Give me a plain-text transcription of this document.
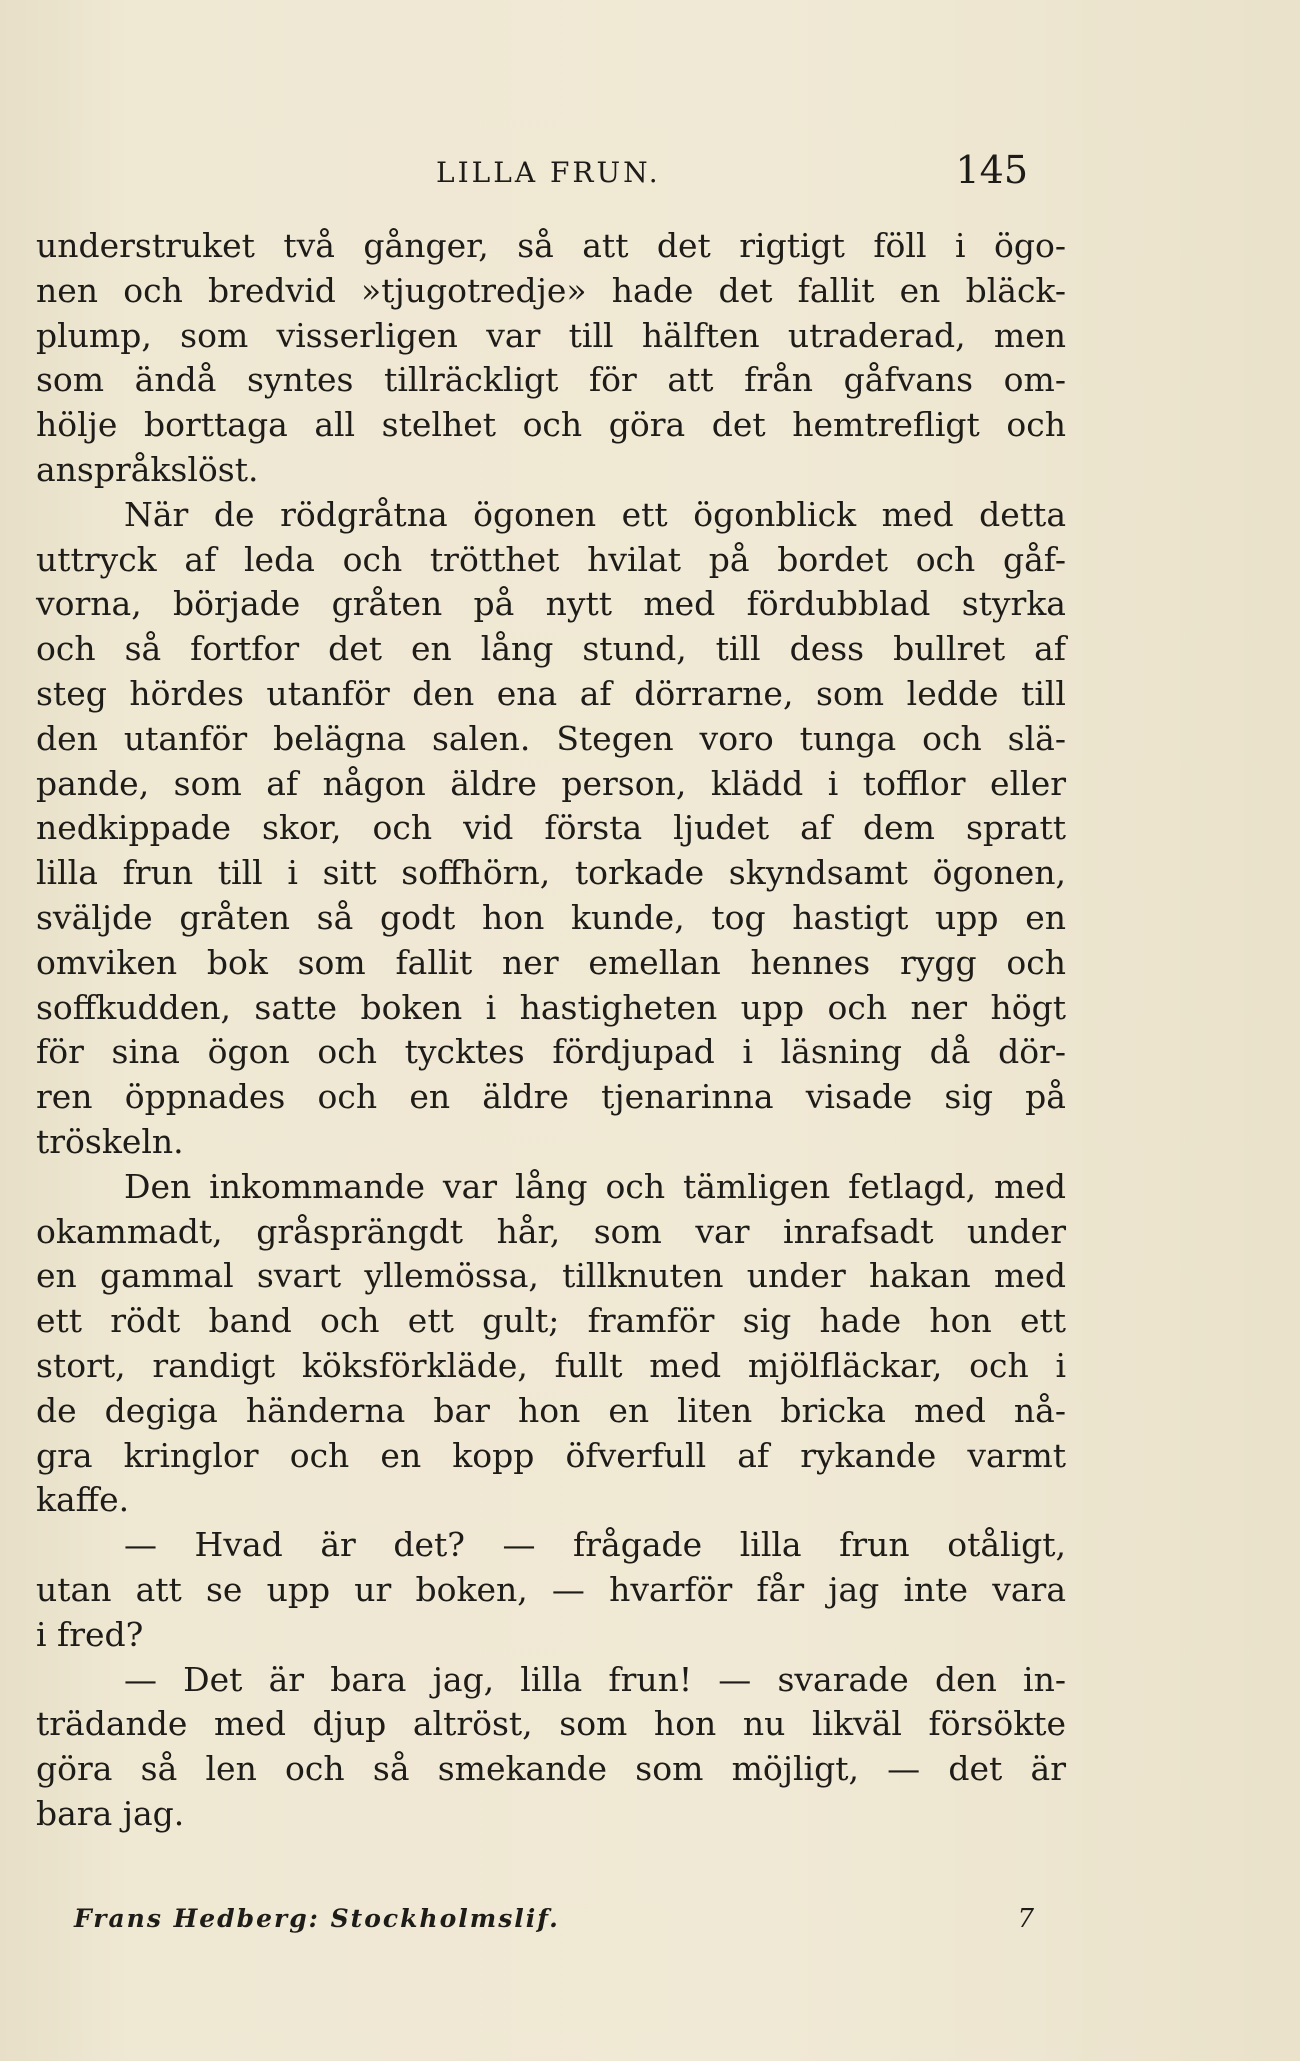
LILLA FRUN.	145
understruket två gånger, så att det rigtigt föll i ögo-
nen och bredvid »tjugotredje» hade det fallit en bläck-
plump, som visserligen var till hälften utraderad, men
som ändå syntes tillräckligt för att från gåfvans om-
hölje borttaga all stelhet och göra det hemtrefligt och
anspråkslöst.
När de rödgråtna ögonen ett ögonblick med detta
uttryck af leda och trötthet hvilat på bordet och gåf-
vorna, började gråten på nytt med fördubblad styrka
och så fortfor det en lång stund, till dess bullret af
steg hördes utanför den ena af dörrarne, som ledde till
den utanför belägna salen. Stegen voro tunga och slä-
pande, som af någon äldre person, klädd i tofflor eller
nedkippade skor, och vid första ljudet af dem spratt
lilla frun till i sitt soffhörn, torkade skyndsamt ögonen,
sväljde gråten så godt hon kunde, tog hastigt upp en
omviken bok som fallit ner emellan hennes rygg och
soffkudden, satte boken i hastigheten upp och ner högt
för sina ögon och tycktes fördjupad i läsning då dör-
ren öppnades och en äldre tjenarinna visade sig på
tröskeln.
Den inkommande var lång och tämligen fetlagd, med
okammadt, gråsprängdt hår, som var inrafsadt under
en gammal svart yllemössa, tillknuten under hakan med
ett rödt band och ett gult; framför sig hade hon ett
stort, randigt köksförkläde, fullt med mjölfläckar, och i
de degiga händerna bar hon en liten bricka med nå-
gra kringlor och en kopp öfverfull af rykande varmt
kaffe.
— Hvad är det? — frågade lilla frun otåligt,
utan att se upp ur boken, — hvarför får jag inte vara
i fred?
— Det är bara jag, lilla frun! — svarade den in-
trädande med djup altröst, som hon nu likväl försökte
göra så len och så smekande som möjligt, — det är
bara jag.
Frans Hedberg: Stockholmslif.	7
